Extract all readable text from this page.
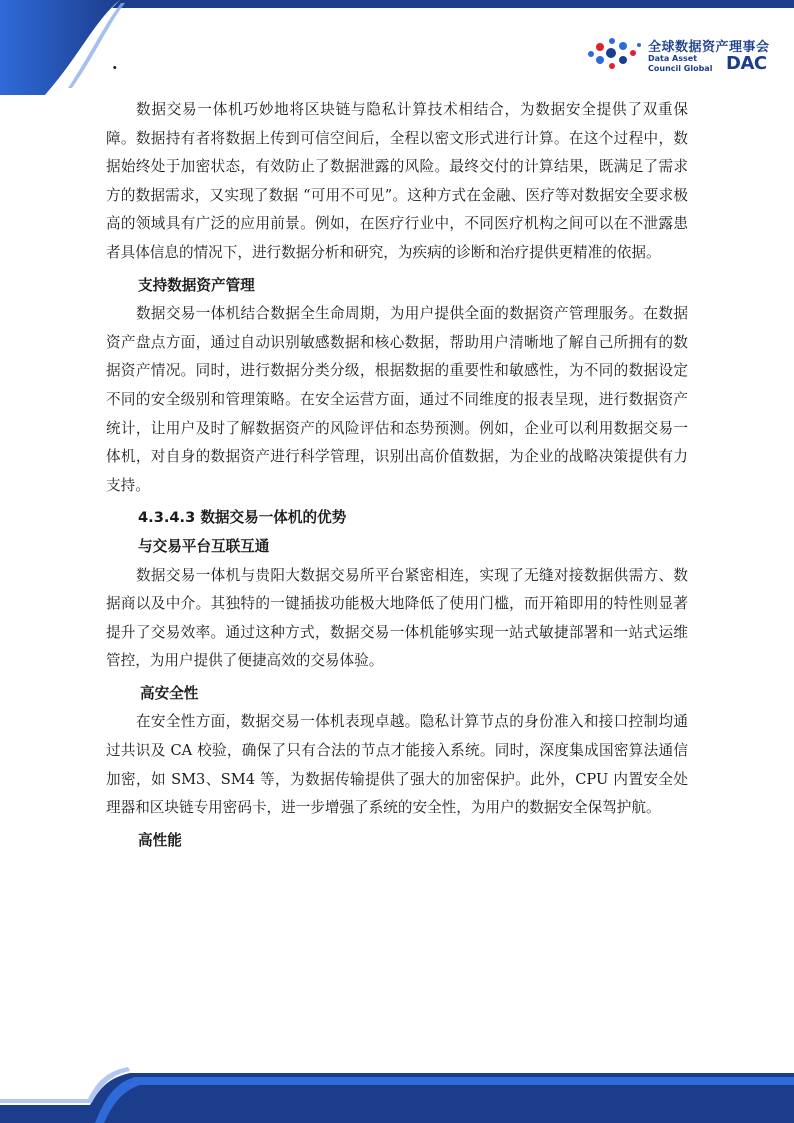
.
全球数据资产理事会
Data Asset
Council Global DAC

数据交易一体机巧妙地将区块链与隐私计算技术相结合，为数据安全提供了双重保障。数据持有者将数据上传到可信空间后，全程以密文形式进行计算。在这个过程中，数据始终处于加密状态，有效防止了数据泄露的风险。最终交付的计算结果，既满足了需求方的数据需求，又实现了数据 “可用不可见”。这种方式在金融、医疗等对数据安全要求极高的领域具有广泛的应用前景。例如，在医疗行业中，不同医疗机构之间可以在不泄露患者具体信息的情况下，进行数据分析和研究，为疾病的诊断和治疗提供更精准的依据。

支持数据资产管理

数据交易一体机结合数据全生命周期，为用户提供全面的数据资产管理服务。在数据资产盘点方面，通过自动识别敏感数据和核心数据，帮助用户清晰地了解自己所拥有的数据资产情况。同时，进行数据分类分级，根据数据的重要性和敏感性，为不同的数据设定不同的安全级别和管理策略。在安全运营方面，通过不同维度的报表呈现，进行数据资产统计，让用户及时了解数据资产的风险评估和态势预测。例如，企业可以利用数据交易一体机，对自身的数据资产进行科学管理，识别出高价值数据，为企业的战略决策提供有力支持。

4.3.4.3 数据交易一体机的优势

与交易平台互联互通

数据交易一体机与贵阳大数据交易所平台紧密相连，实现了无缝对接数据供需方、数据商以及中介。其独特的一键插拔功能极大地降低了使用门槛，而开箱即用的特性则显著提升了交易效率。通过这种方式，数据交易一体机能够实现一站式敏捷部署和一站式运维管控，为用户提供了便捷高效的交易体验。

高安全性

在安全性方面，数据交易一体机表现卓越。隐私计算节点的身份准入和接口控制均通过共识及 CA 校验，确保了只有合法的节点才能接入系统。同时，深度集成国密算法通信加密，如 SM3、SM4 等，为数据传输提供了强大的加密保护。此外，CPU 内置安全处理器和区块链专用密码卡，进一步增强了系统的安全性，为用户的数据安全保驾护航。

高性能
